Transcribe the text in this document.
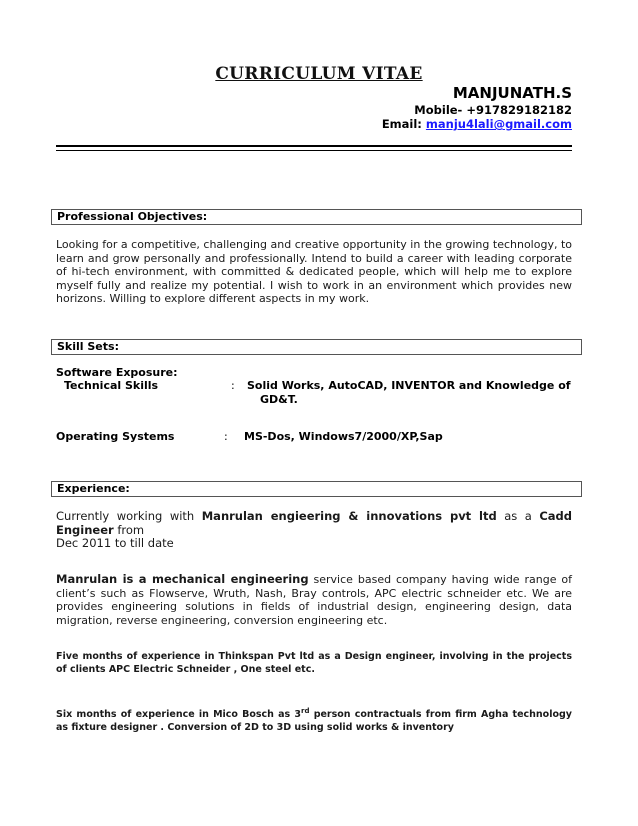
CURRICULUM VITAE
MANJUNATH.S
Mobile- +917829182182
Email: manju4lali@gmail.com
Professional Objectives:
Looking for a competitive, challenging and creative opportunity in the growing technology, to learn and grow personally and professionally. Intend to build a career with leading corporate of hi-tech environment, with committed & dedicated people, which will help me to explore myself fully and realize my potential. I wish to work in an environment which provides new horizons. Willing to explore different aspects in my work.
Skill Sets:
Software Exposure:
Technical Skills	: Solid Works, AutoCAD, INVENTOR and Knowledge of
GD&T.
Operating Systems	: MS-Dos, Windows7/2000/XP,Sap
Experience:
Currently working with Manrulan engieering & innovations pvt ltd as a Cadd Engineer from
Dec 2011 to till date
Manrulan is a mechanical engineering service based company having wide range of client’s such as Flowserve, Wruth, Nash, Bray controls, APC electric schneider etc. We are provides engineering solutions in fields of industrial design, engineering design, data migration, reverse engineering, conversion engineering etc.
Five months of experience in Thinkspan Pvt ltd as a Design engineer, involving in the projects of clients APC Electric Schneider , One steel etc.
Six months of experience in Mico Bosch as 3rd person contractuals from firm Agha technology as fixture designer . Conversion of 2D to 3D using solid works & inventory
